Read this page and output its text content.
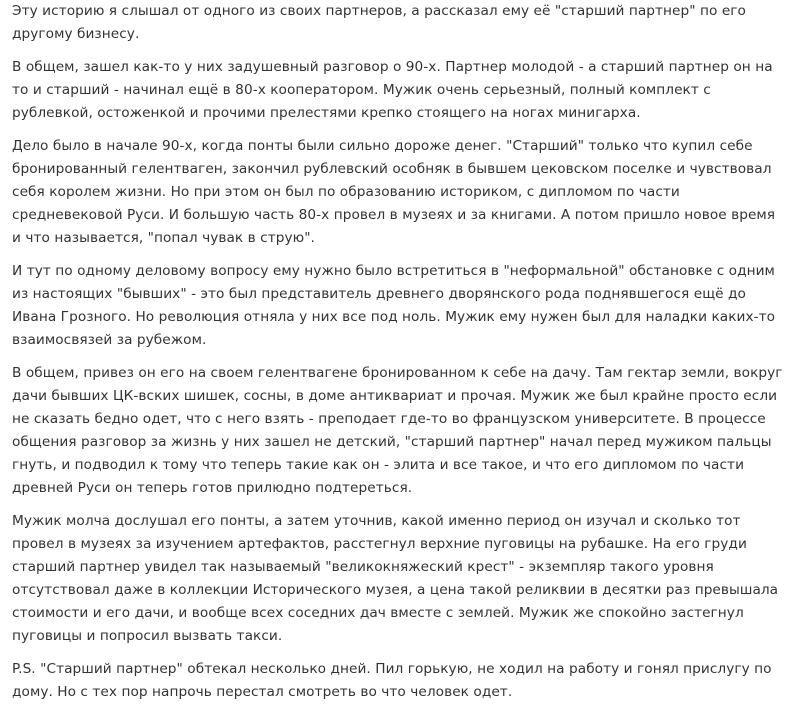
Эту историю я слышал от одного из своих партнеров, а рассказал ему её "старший партнер" по его
другому бизнесу.

В общем, зашел как-то у них задушевный разговор о 90-х. Партнер молодой - а старший партнер он на
то и старший - начинал ещё в 80-х кооператором. Мужик очень серьезный, полный комплект с
рублевкой, остоженкой и прочими прелестями крепко стоящего на ногах минигарха.

Дело было в начале 90-х, когда понты были сильно дороже денег. "Старший" только что купил себе
бронированный гелентваген, закончил рублевский особняк в бывшем цековском поселке и чувствовал
себя королем жизни. Но при этом он был по образованию историком, с дипломом по части
средневековой Руси. И большую часть 80-х провел в музеях и за книгами. А потом пришло новое время
и что называется, "попал чувак в струю".

И тут по одному деловому вопросу ему нужно было встретиться в "неформальной" обстановке с одним
из настоящих "бывших" - это был представитель древнего дворянского рода поднявшегося ещё до
Ивана Грозного. Но революция отняла у них все под ноль. Мужик ему нужен был для наладки каких-то
взаимосвязей за рубежом.

В общем, привез он его на своем гелентвагене бронированном к себе на дачу. Там гектар земли, вокруг
дачи бывших ЦК-вских шишек, сосны, в доме антиквариат и прочая. Мужик же был крайне просто если
не сказать бедно одет, что с него взять - преподает где-то во французском университете. В процессе
общения разговор за жизнь у них зашел не детский, "старший партнер" начал перед мужиком пальцы
гнуть, и подводил к тому что теперь такие как он - элита и все такое, и что его дипломом по части
древней Руси он теперь готов прилюдно подтереться.

Мужик молча дослушал его понты, а затем уточнив, какой именно период он изучал и сколько тот
провел в музеях за изучением артефактов, расстегнул верхние пуговицы на рубашке. На его груди
старший партнер увидел так называемый "великокняжеский крест" - экземпляр такого уровня
отсутствовал даже в коллекции Исторического музея, а цена такой реликвии в десятки раз превышала
стоимости и его дачи, и вообще всех соседних дач вместе с землей. Мужик же спокойно застегнул
пуговицы и попросил вызвать такси.

P.S. "Старший партнер" обтекал несколько дней. Пил горькую, не ходил на работу и гонял прислугу по
дому. Но с тех пор напрочь перестал смотреть во что человек одет.
